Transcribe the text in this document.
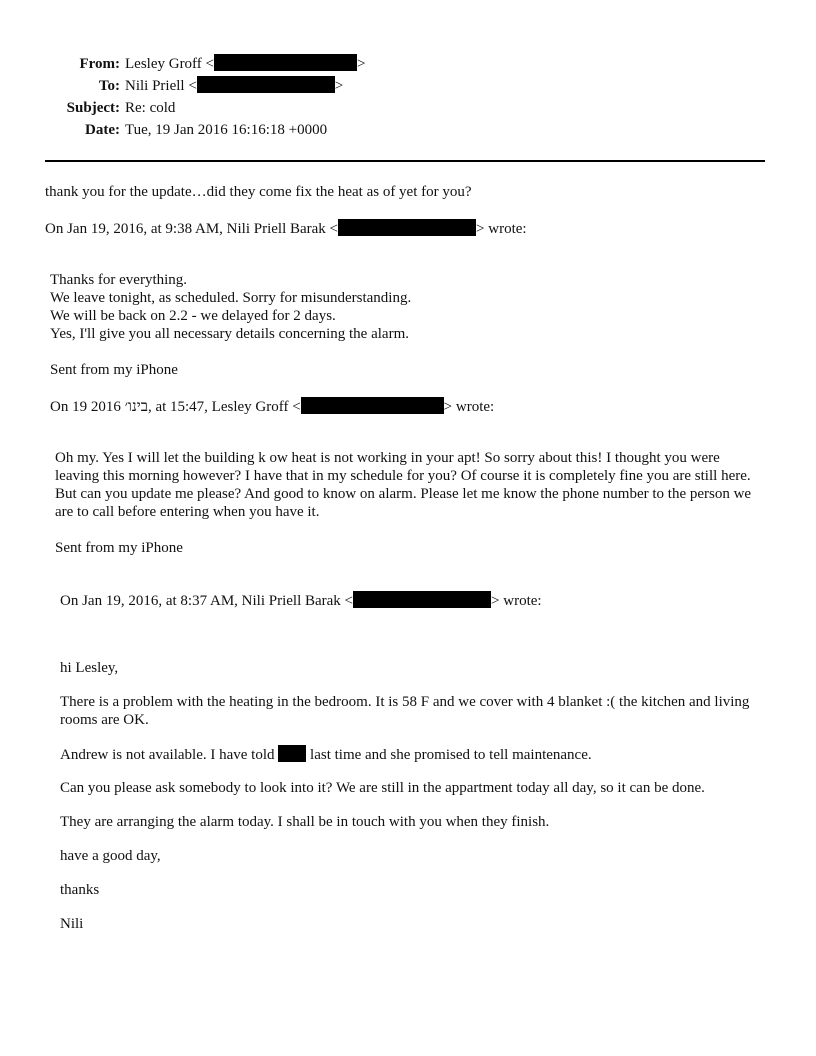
From: Lesley Groff <	>
To: Nili Priell <	>
Subject: Re: cold
Date: Tue, 19 Jan 2016 16:16:18 +0000
thank you for the update…did they come fix the heat as of yet for you?
On Jan 19, 2016, at 9:38 AM, Nili Priell Barak <	> wrote:
Thanks for everything.
We leave tonight, as scheduled. Sorry for misunderstanding.
We will be back on 2.2 - we delayed for 2 days.
Yes, I'll give you all necessary details concerning the alarm.
Sent from my iPhone
On 19 2016 בינו׳, at 15:47, Lesley Groff <	> wrote:
Oh my. Yes I will let the building k ow heat is not working in your apt! So sorry about this! I thought you were leaving this morning however? I have that in my schedule for you? Of course it is completely fine you are still here. But can you update me please? And good to know on alarm. Please let me know the phone number to the person we are to call before entering when you have it.
Sent from my iPhone
On Jan 19, 2016, at 8:37 AM, Nili Priell Barak <	> wrote:
hi Lesley,
There is a problem with the heating in the bedroom. It is 58 F and we cover with 4 blanket :( the kitchen and living rooms are OK.
Andrew is not available. I have told  last time and she promised to tell maintenance.
Can you please ask somebody to look into it? We are still in the appartment today all day, so it can be done.
They are arranging the alarm today. I shall be in touch with you when they finish.
have a good day,
thanks
Nili
